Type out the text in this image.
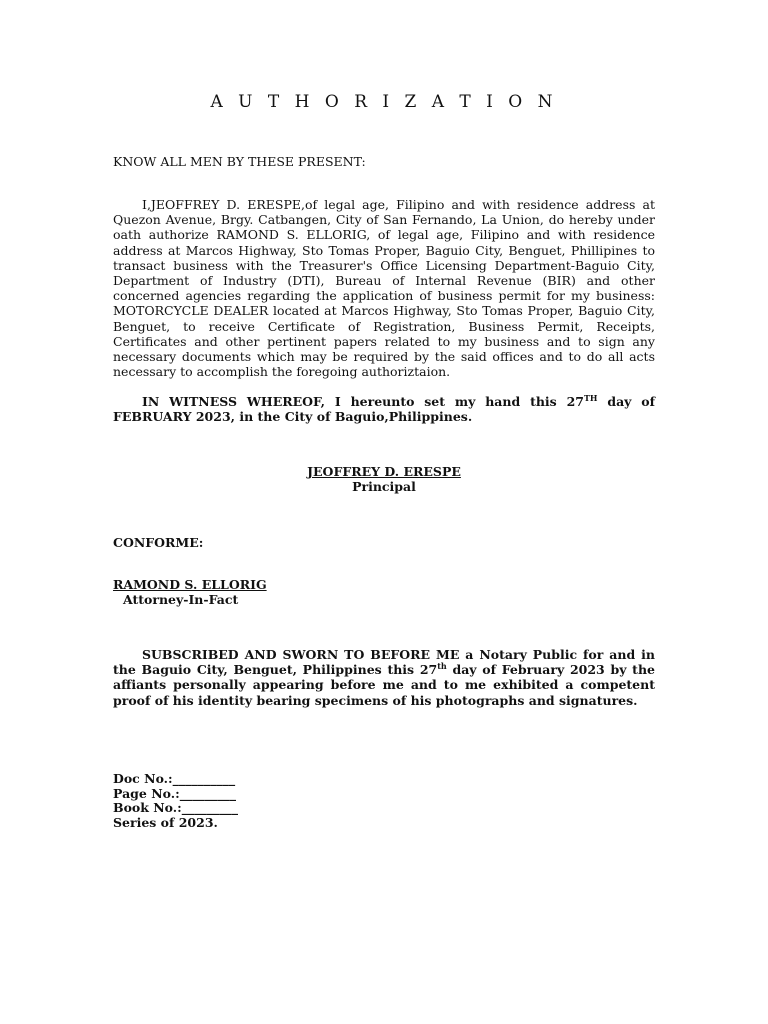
A U T H O R I Z A T I O N
KNOW ALL MEN BY THESE PRESENT:
I,JEOFFREY D. ERESPE,of legal age, Filipino and with residence address at Quezon Avenue, Brgy. Catbangen, City of San Fernando, La Union, do hereby under oath authorize RAMOND S. ELLORIG, of legal age, Filipino and with residence address at Marcos Highway, Sto Tomas Proper, Baguio City, Benguet, Phillipines to transact business with the Treasurer's Office Licensing Department-Baguio City, Department of Industry (DTI), Bureau of Internal Revenue (BIR) and other concerned agencies regarding the application of business permit for my business: MOTORCYCLE DEALER located at Marcos Highway, Sto Tomas Proper, Baguio City, Benguet, to receive Certificate of Registration, Business Permit, Receipts, Certificates and other pertinent papers related to my business and to sign any necessary documents which may be required by the said offices and to do all acts necessary to accomplish the foregoing authoriztaion.
IN WITNESS WHEREOF, I hereunto set my hand this 27TH day of FEBRUARY 2023, in the City of Baguio,Philippines.
JEOFFREY D. ERESPE
Principal
CONFORME:
RAMOND S. ELLORIG
Attorney-In-Fact
SUBSCRIBED AND SWORN TO BEFORE ME a Notary Public for and in the Baguio City, Benguet, Philippines this 27th day of February 2023 by the affiants personally appearing before me and to me exhibited a competent proof of his identity bearing specimens of his photographs and signatures.
Doc No.:__________
Page No.:_________
Book No.:_________
Series of 2023.
